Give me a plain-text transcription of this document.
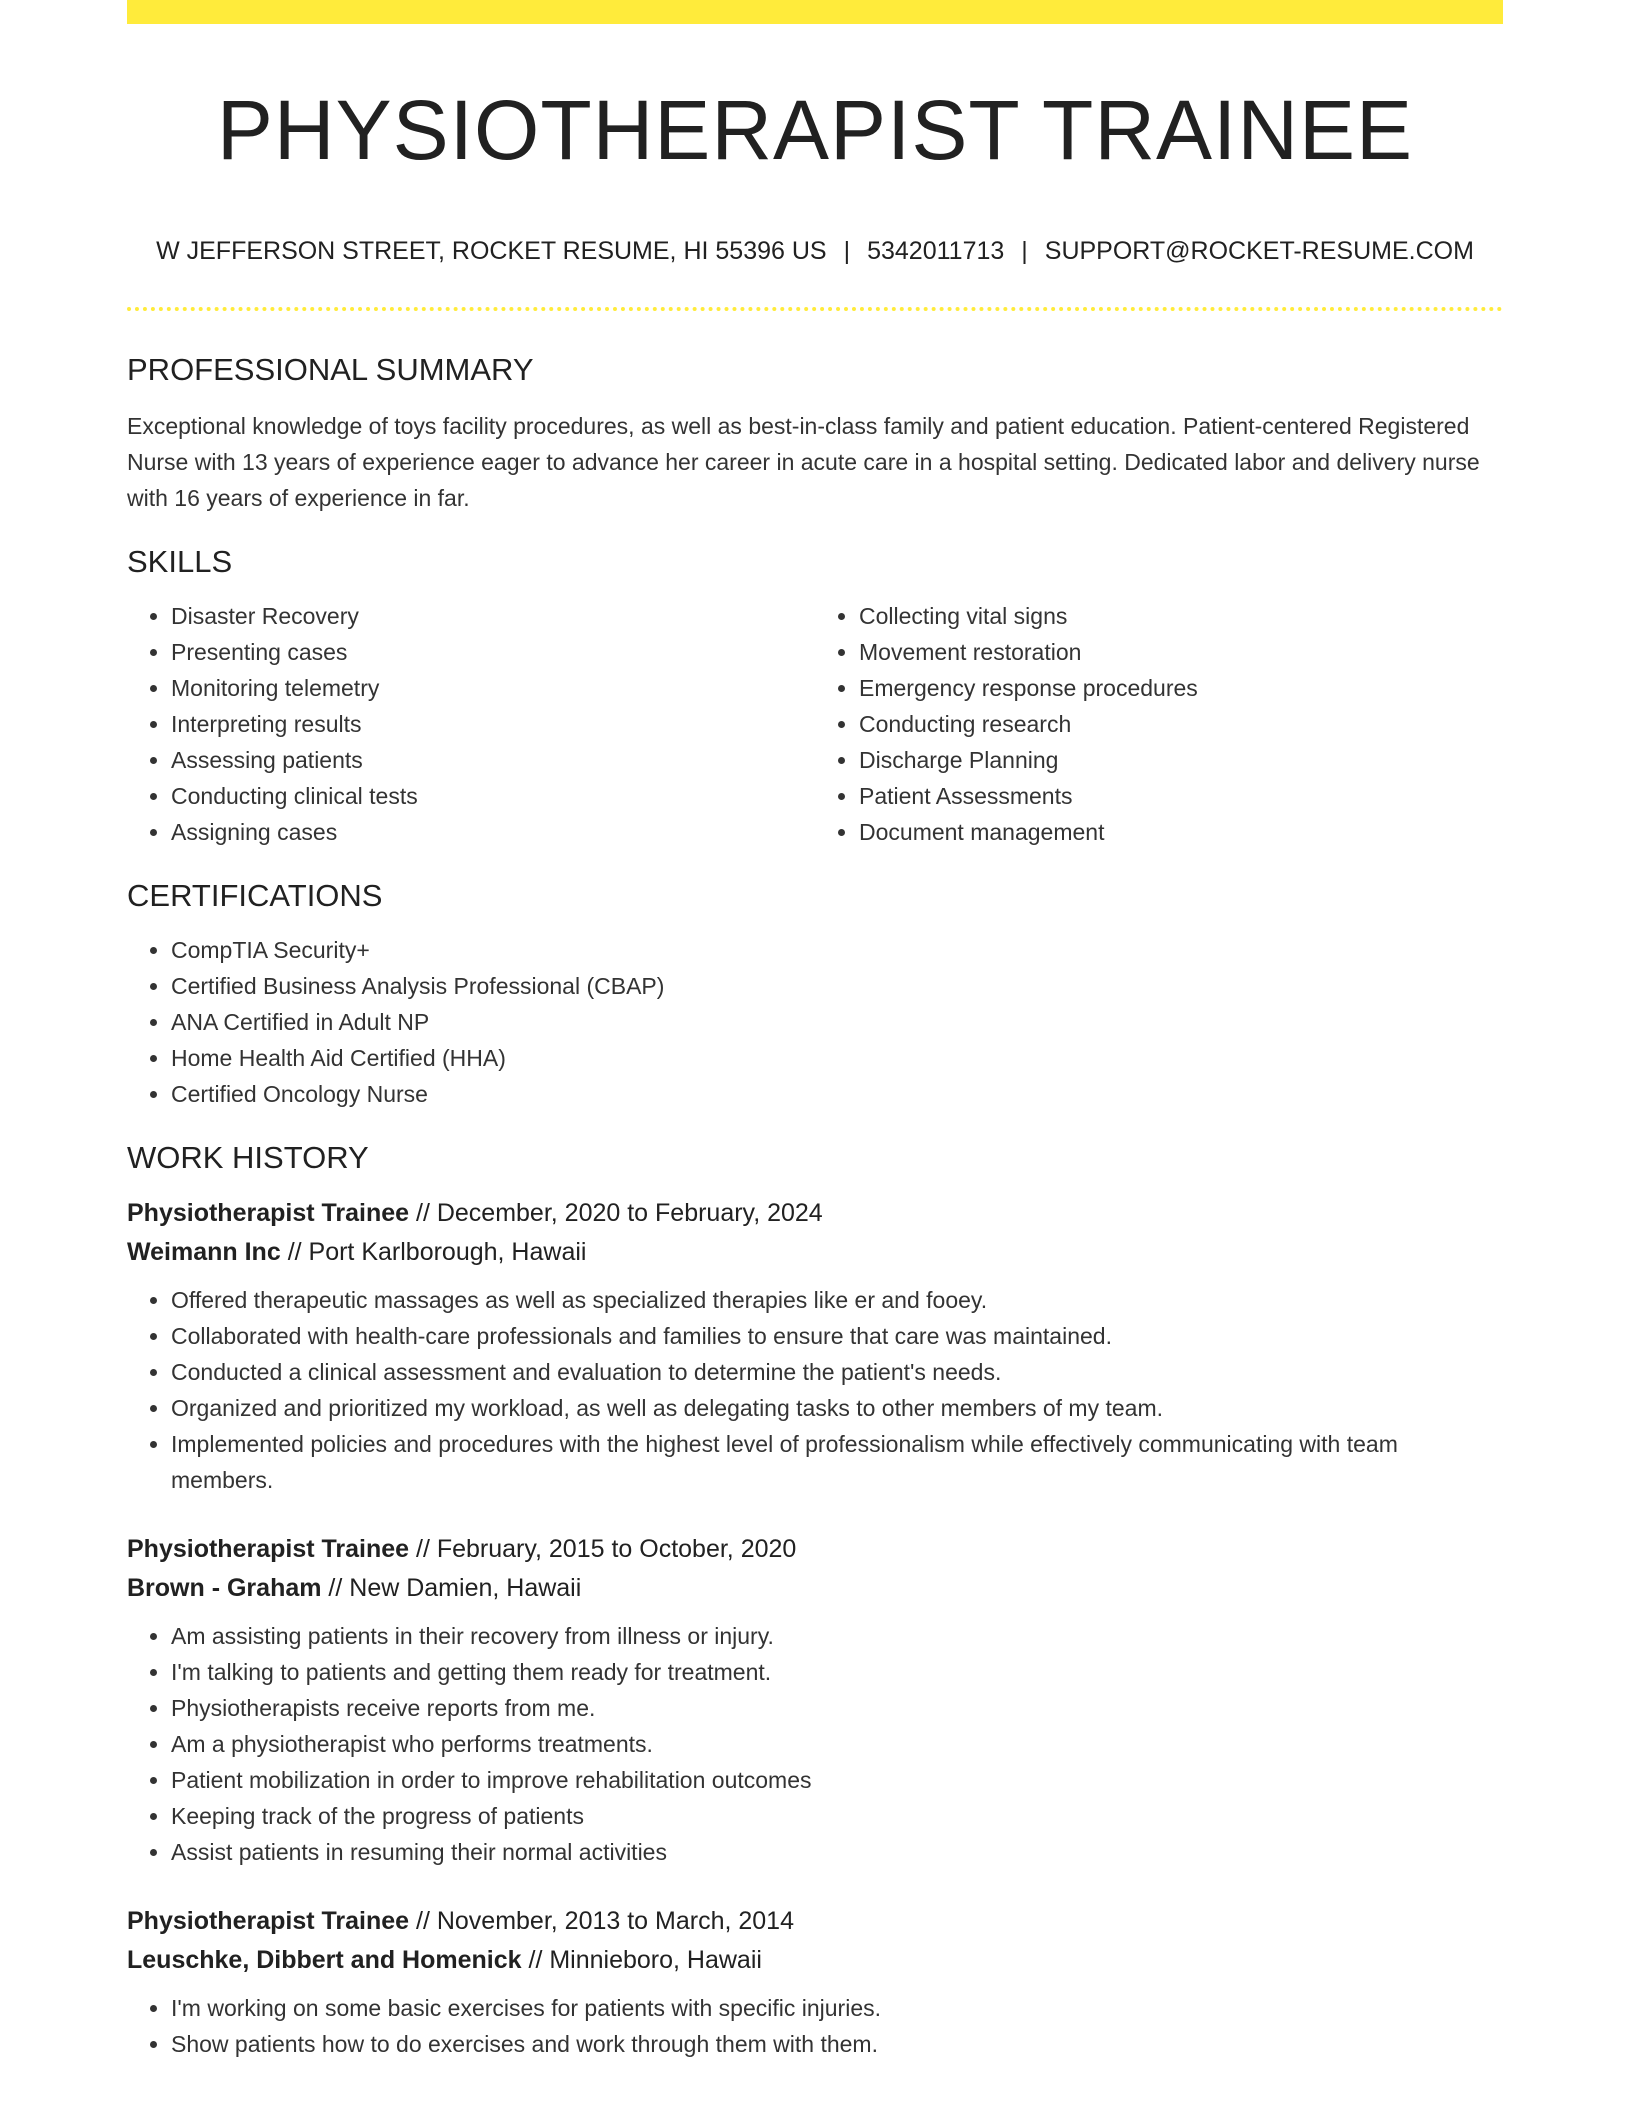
PHYSIOTHERAPIST TRAINEE
W JEFFERSON STREET, ROCKET RESUME, HI 55396 US | 5342011713 | SUPPORT@ROCKET-RESUME.COM
PROFESSIONAL SUMMARY

Exceptional knowledge of toys facility procedures, as well as best-in-class family and patient education. Patient-centered Registered Nurse with 13 years of experience eager to advance her career in acute care in a hospital setting. Dedicated labor and delivery nurse with 16 years of experience in far.

SKILLS
• Disaster Recovery
• Presenting cases
• Monitoring telemetry
• Interpreting results
• Assessing patients
• Conducting clinical tests
• Assigning cases
• Collecting vital signs
• Movement restoration
• Emergency response procedures
• Conducting research
• Discharge Planning
• Patient Assessments
• Document management
CERTIFICATIONS
• CompTIA Security+
• Certified Business Analysis Professional (CBAP)
• ANA Certified in Adult NP
• Home Health Aid Certified (HHA)
• Certified Oncology Nurse
WORK HISTORY
Physiotherapist Trainee // December, 2020 to February, 2024
Weimann Inc // Port Karlborough, Hawaii
• Offered therapeutic massages as well as specialized therapies like er and fooey.
• Collaborated with health-care professionals and families to ensure that care was maintained.
• Conducted a clinical assessment and evaluation to determine the patient's needs.
• Organized and prioritized my workload, as well as delegating tasks to other members of my team.
• Implemented policies and procedures with the highest level of professionalism while effectively communicating with team members.
Physiotherapist Trainee // February, 2015 to October, 2020
Brown - Graham // New Damien, Hawaii
• Am assisting patients in their recovery from illness or injury.
• I'm talking to patients and getting them ready for treatment.
• Physiotherapists receive reports from me.
• Am a physiotherapist who performs treatments.
• Patient mobilization in order to improve rehabilitation outcomes
• Keeping track of the progress of patients
• Assist patients in resuming their normal activities
Physiotherapist Trainee // November, 2013 to March, 2014
Leuschke, Dibbert and Homenick // Minnieboro, Hawaii
• I'm working on some basic exercises for patients with specific injuries.
• Show patients how to do exercises and work through them with them.
